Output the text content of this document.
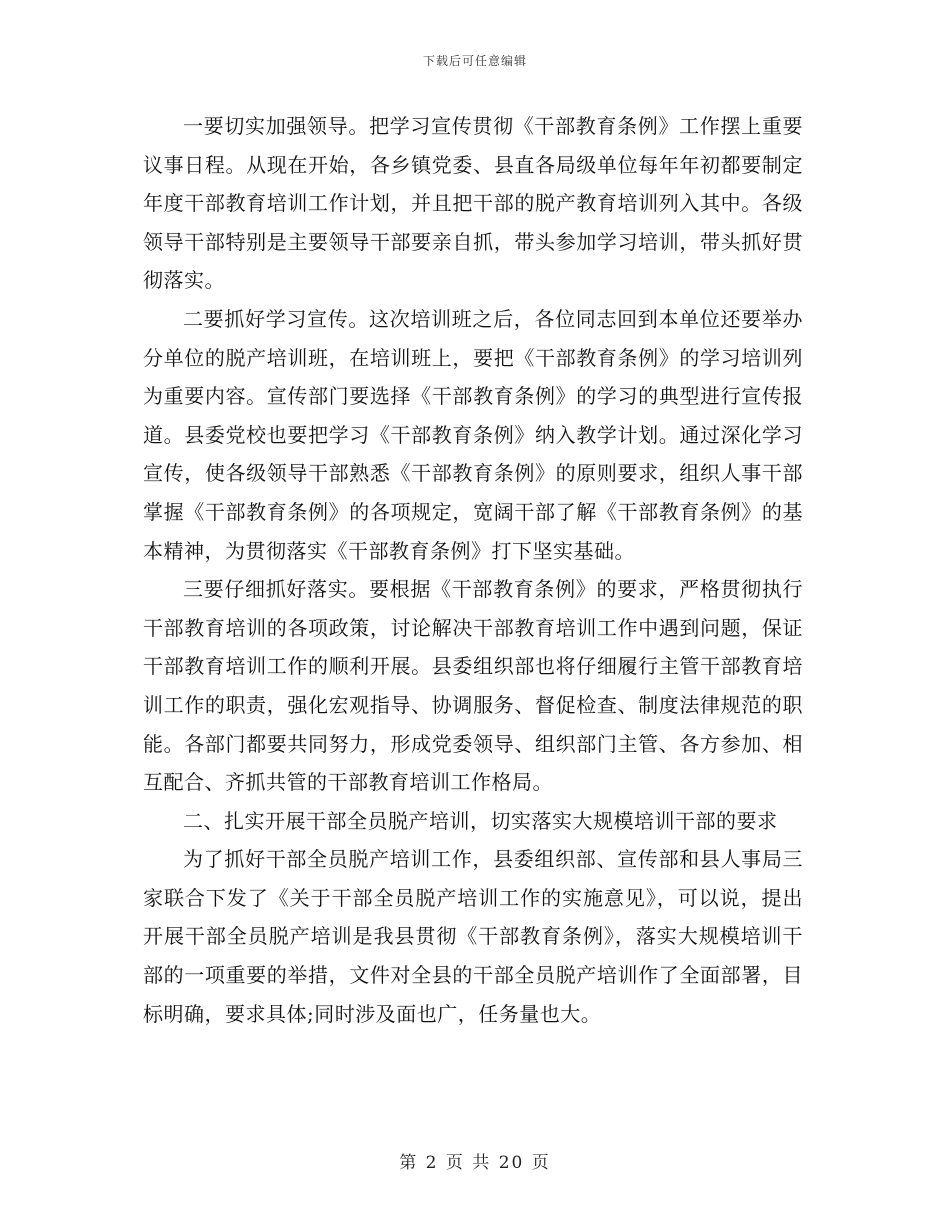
下载后可任意编辑

一要切实加强领导。把学习宣传贯彻《干部教育条例》工作摆上重要议事日程。从现在开始，各乡镇党委、县直各局级单位每年年初都要制定年度干部教育培训工作计划，并且把干部的脱产教育培训列入其中。各级领导干部特别是主要领导干部要亲自抓，带头参加学习培训，带头抓好贯彻落实。

二要抓好学习宣传。这次培训班之后，各位同志回到本单位还要举办分单位的脱产培训班，在培训班上，要把《干部教育条例》的学习培训列为重要内容。宣传部门要选择《干部教育条例》的学习的典型进行宣传报道。县委党校也要把学习《干部教育条例》纳入教学计划。通过深化学习宣传，使各级领导干部熟悉《干部教育条例》的原则要求，组织人事干部掌握《干部教育条例》的各项规定，宽阔干部了解《干部教育条例》的基本精神，为贯彻落实《干部教育条例》打下坚实基础。

三要仔细抓好落实。要根据《干部教育条例》的要求，严格贯彻执行干部教育培训的各项政策，讨论解决干部教育培训工作中遇到问题，保证干部教育培训工作的顺利开展。县委组织部也将仔细履行主管干部教育培训工作的职责，强化宏观指导、协调服务、督促检查、制度法律规范的职能。各部门都要共同努力，形成党委领导、组织部门主管、各方参加、相互配合、齐抓共管的干部教育培训工作格局。

二、扎实开展干部全员脱产培训，切实落实大规模培训干部的要求

为了抓好干部全员脱产培训工作，县委组织部、宣传部和县人事局三家联合下发了《关于干部全员脱产培训工作的实施意见》，可以说，提出开展干部全员脱产培训是我县贯彻《干部教育条例》，落实大规模培训干部的一项重要的举措，文件对全县的干部全员脱产培训作了全面部署，目标明确，要求具体;同时涉及面也广，任务量也大。

第 2 页 共 20 页
